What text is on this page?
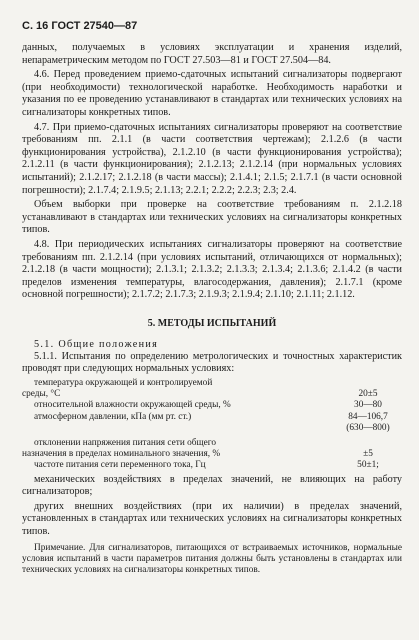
С. 16 ГОСТ 27540—87

данных, получаемых в условиях эксплуатации и хранения изделий, непараметрическим методом по ГОСТ 27.503—81 и ГОСТ 27.504—84.

4.6. Перед проведением приемо-сдаточных испытаний сигнализаторы подвергают (при необходимости) технологической наработке. Необходимость наработки и указания по ее проведению устанавливают в стандартах или технических условиях на сигнализаторы конкретных типов.

4.7. При приемо-сдаточных испытаниях сигнализаторы проверяют на соответствие требованиям пп. 2.1.1 (в части соответствия чертежам); 2.1.2.6 (в части функционирования устройства), 2.1.2.10 (в части функционирования устройства); 2.1.2.11 (в части функционирования); 2.1.2.13; 2.1.2.14 (при нормальных условиях испытаний); 2.1.2.17; 2.1.2.18 (в части массы); 2.1.4.1; 2.1.5; 2.1.7.1 (в части основной погрешности); 2.1.7.4; 2.1.9.5; 2.1.13; 2.2.1; 2.2.2; 2.2.3; 2.3; 2.4.

Объем выборки при проверке на соответствие требованиям п. 2.1.2.18 устанавливают в стандартах или технических условиях на сигнализаторы конкретных типов.

4.8. При периодических испытаниях сигнализаторы проверяют на соответствие требованиям пп. 2.1.2.14 (при условиях испытаний, отличающихся от нормальных); 2.1.2.18 (в части мощности); 2.1.3.1; 2.1.3.2; 2.1.3.3; 2.1.3.4; 2.1.3.6; 2.1.4.2 (в части пределов изменения температуры, влагосодержания, давления); 2.1.7.1 (кроме основной погрешности); 2.1.7.2; 2.1.7.3; 2.1.9.3; 2.1.9.4; 2.1.10; 2.1.11; 2.1.12.

5. МЕТОДЫ ИСПЫТАНИЙ
5.1. Общие положения

5.1.1. Испытания по определению метрологических и точностных характеристик проводят при следующих нормальных условиях:

температура окружающей и контролируемой
среды, °С	20±5
относительной влажности окружающей среды, %	30—80
атмосферном давлении, кПа (мм рт. ст.)	84—106,7
(630—800)
отклонении напряжения питания сети общего
назначения в пределах номинального значения, %	±5
частоте питания сети переменного тока, Гц	50±1;

механических воздействиях в пределах значений, не влияющих на работу сигнализаторов;

других внешних воздействиях (при их наличии) в пределах значений, установленных в стандартах или технических условиях на сигнализаторы конкретных типов.

Примечание. Для сигнализаторов, питающихся от встраиваемых источников, нормальные условия испытаний в части параметров питания должны быть установлены в стандартах или технических условиях на сигнализаторы конкретных типов.
